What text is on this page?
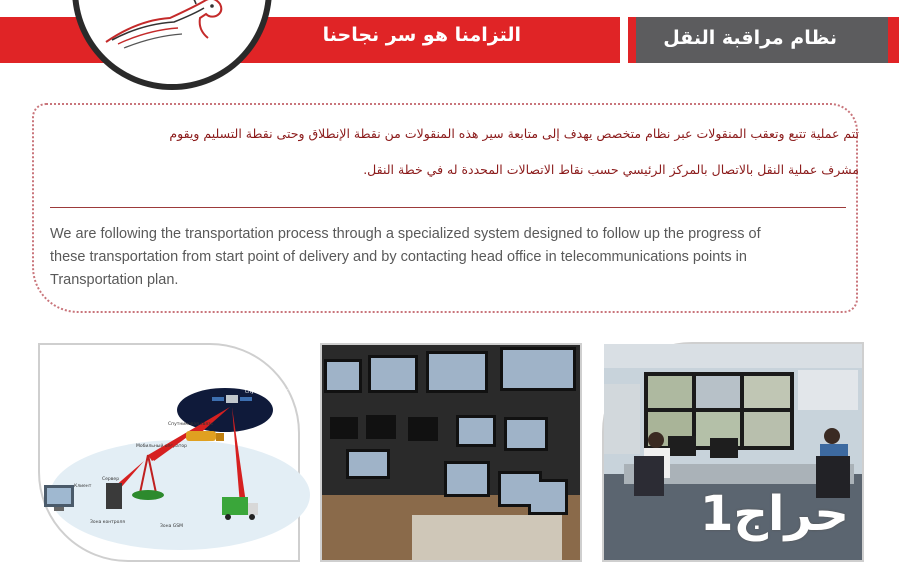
التزامنا هو سر نجاحنا	نظام مراقبة النقل
تتم عملية تتبع وتعقب المنقولات عبر نظام متخصص يهدف إلى متابعة سير هذه المنقولات من نقطة الإنطلاق وحتى نقطة التسليم ويقوم
مشرف عملية النقل بالاتصال بالمركز الرئيسي حسب نقاط الاتصالات المحددة له في خطة النقل.
We are following the transportation process through a specialized system designed to follow up the progress of
these transportation from start point of delivery and by contacting head office in telecommunications points in
Transportation plan.
Спутник ГЛОНАСС или GPS
Мобильный оператор
Спутниковая связь
Сервер
Клиент
Зона контроля
Зона GSM	حراج1
